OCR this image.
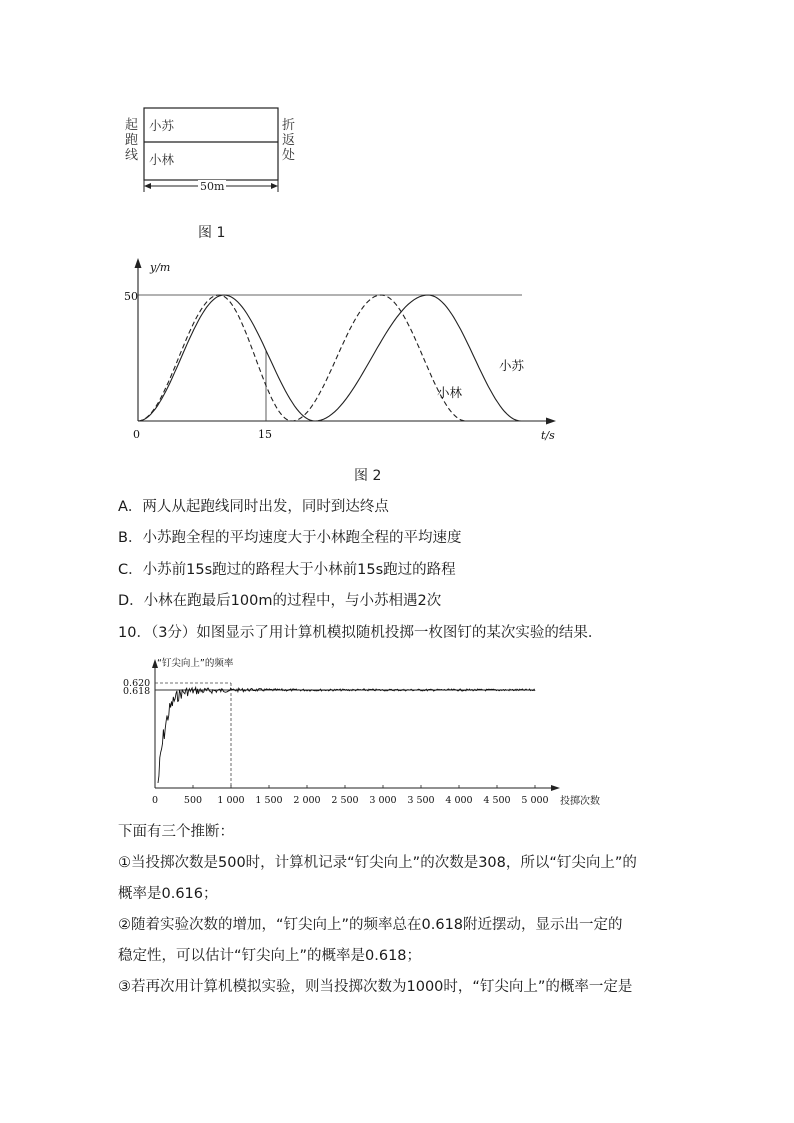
起跑线
折返处
小苏
小林
50m
图 1
y/m
t/s
50
0	15
小苏
小林
图 2
A．两人从起跑线同时出发，同时到达终点
B．小苏跑全程的平均速度大于小林跑全程的平均速度
C．小苏前15s跑过的路程大于小林前15s跑过的路程
D．小林在跑最后100m的过程中，与小苏相遇2次
10．（3分）如图显示了用计算机模拟随机投掷一枚图钉的某次实验的结果．
0	500 1 000 1 500 2 000 2 500 3 000 3 500 4 000 4 500 5 000
“钉尖向上”的频率
0.620
0.618
投掷次数
下面有三个推断：
①当投掷次数是500时，计算机记录“钉尖向上”的次数是308，所以“钉尖向上”的
概率是0.616；
②随着实验次数的增加，“钉尖向上”的频率总在0.618附近摆动，显示出一定的
稳定性，可以估计“钉尖向上”的概率是0.618；
③若再次用计算机模拟实验，则当投掷次数为1000时，“钉尖向上”的概率一定是
